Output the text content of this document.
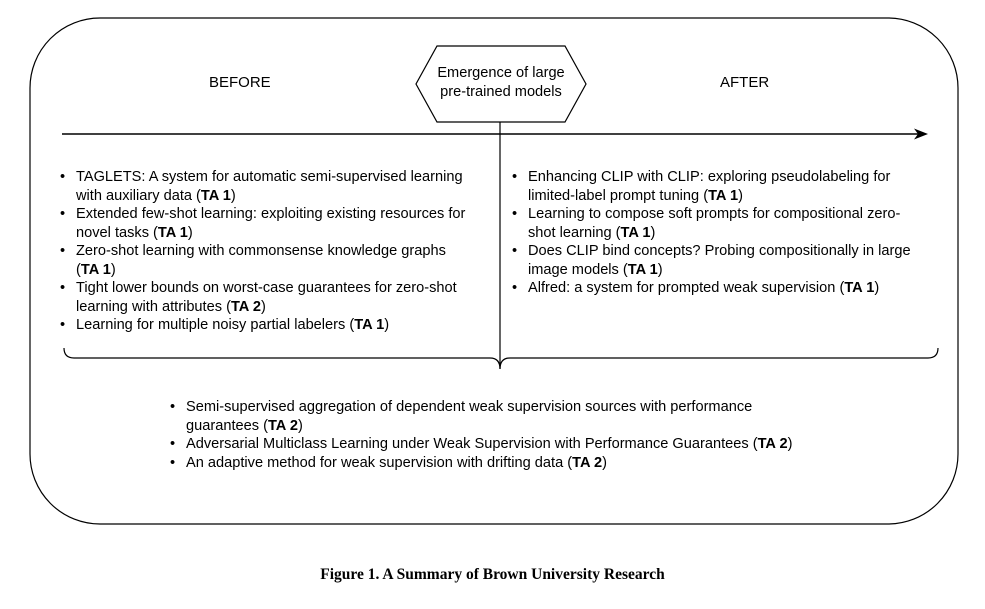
Emergence of large
pre-trained models
BEFORE	AFTER
• TAGLETS: A system for automatic semi-supervised learning
with auxiliary data (TA 1)
• Extended few-shot learning: exploiting existing resources for
novel tasks (TA 1)
• Zero-shot learning with commonsense knowledge graphs
(TA 1)
• Tight lower bounds on worst-case guarantees for zero-shot
learning with attributes (TA 2)
• Learning for multiple noisy partial labelers (TA 1)
• Enhancing CLIP with CLIP: exploring pseudolabeling for
limited-label prompt tuning (TA 1)
• Learning to compose soft prompts for compositional zero-
shot learning (TA 1)
• Does CLIP bind concepts? Probing compositionally in large
image models (TA 1)
• Alfred: a system for prompted weak supervision (TA 1)
• Semi-supervised aggregation of dependent weak supervision sources with performance
guarantees (TA 2)
• Adversarial Multiclass Learning under Weak Supervision with Performance Guarantees (TA 2)
• An adaptive method for weak supervision with drifting data (TA 2)
Figure 1. A Summary of Brown University Research
